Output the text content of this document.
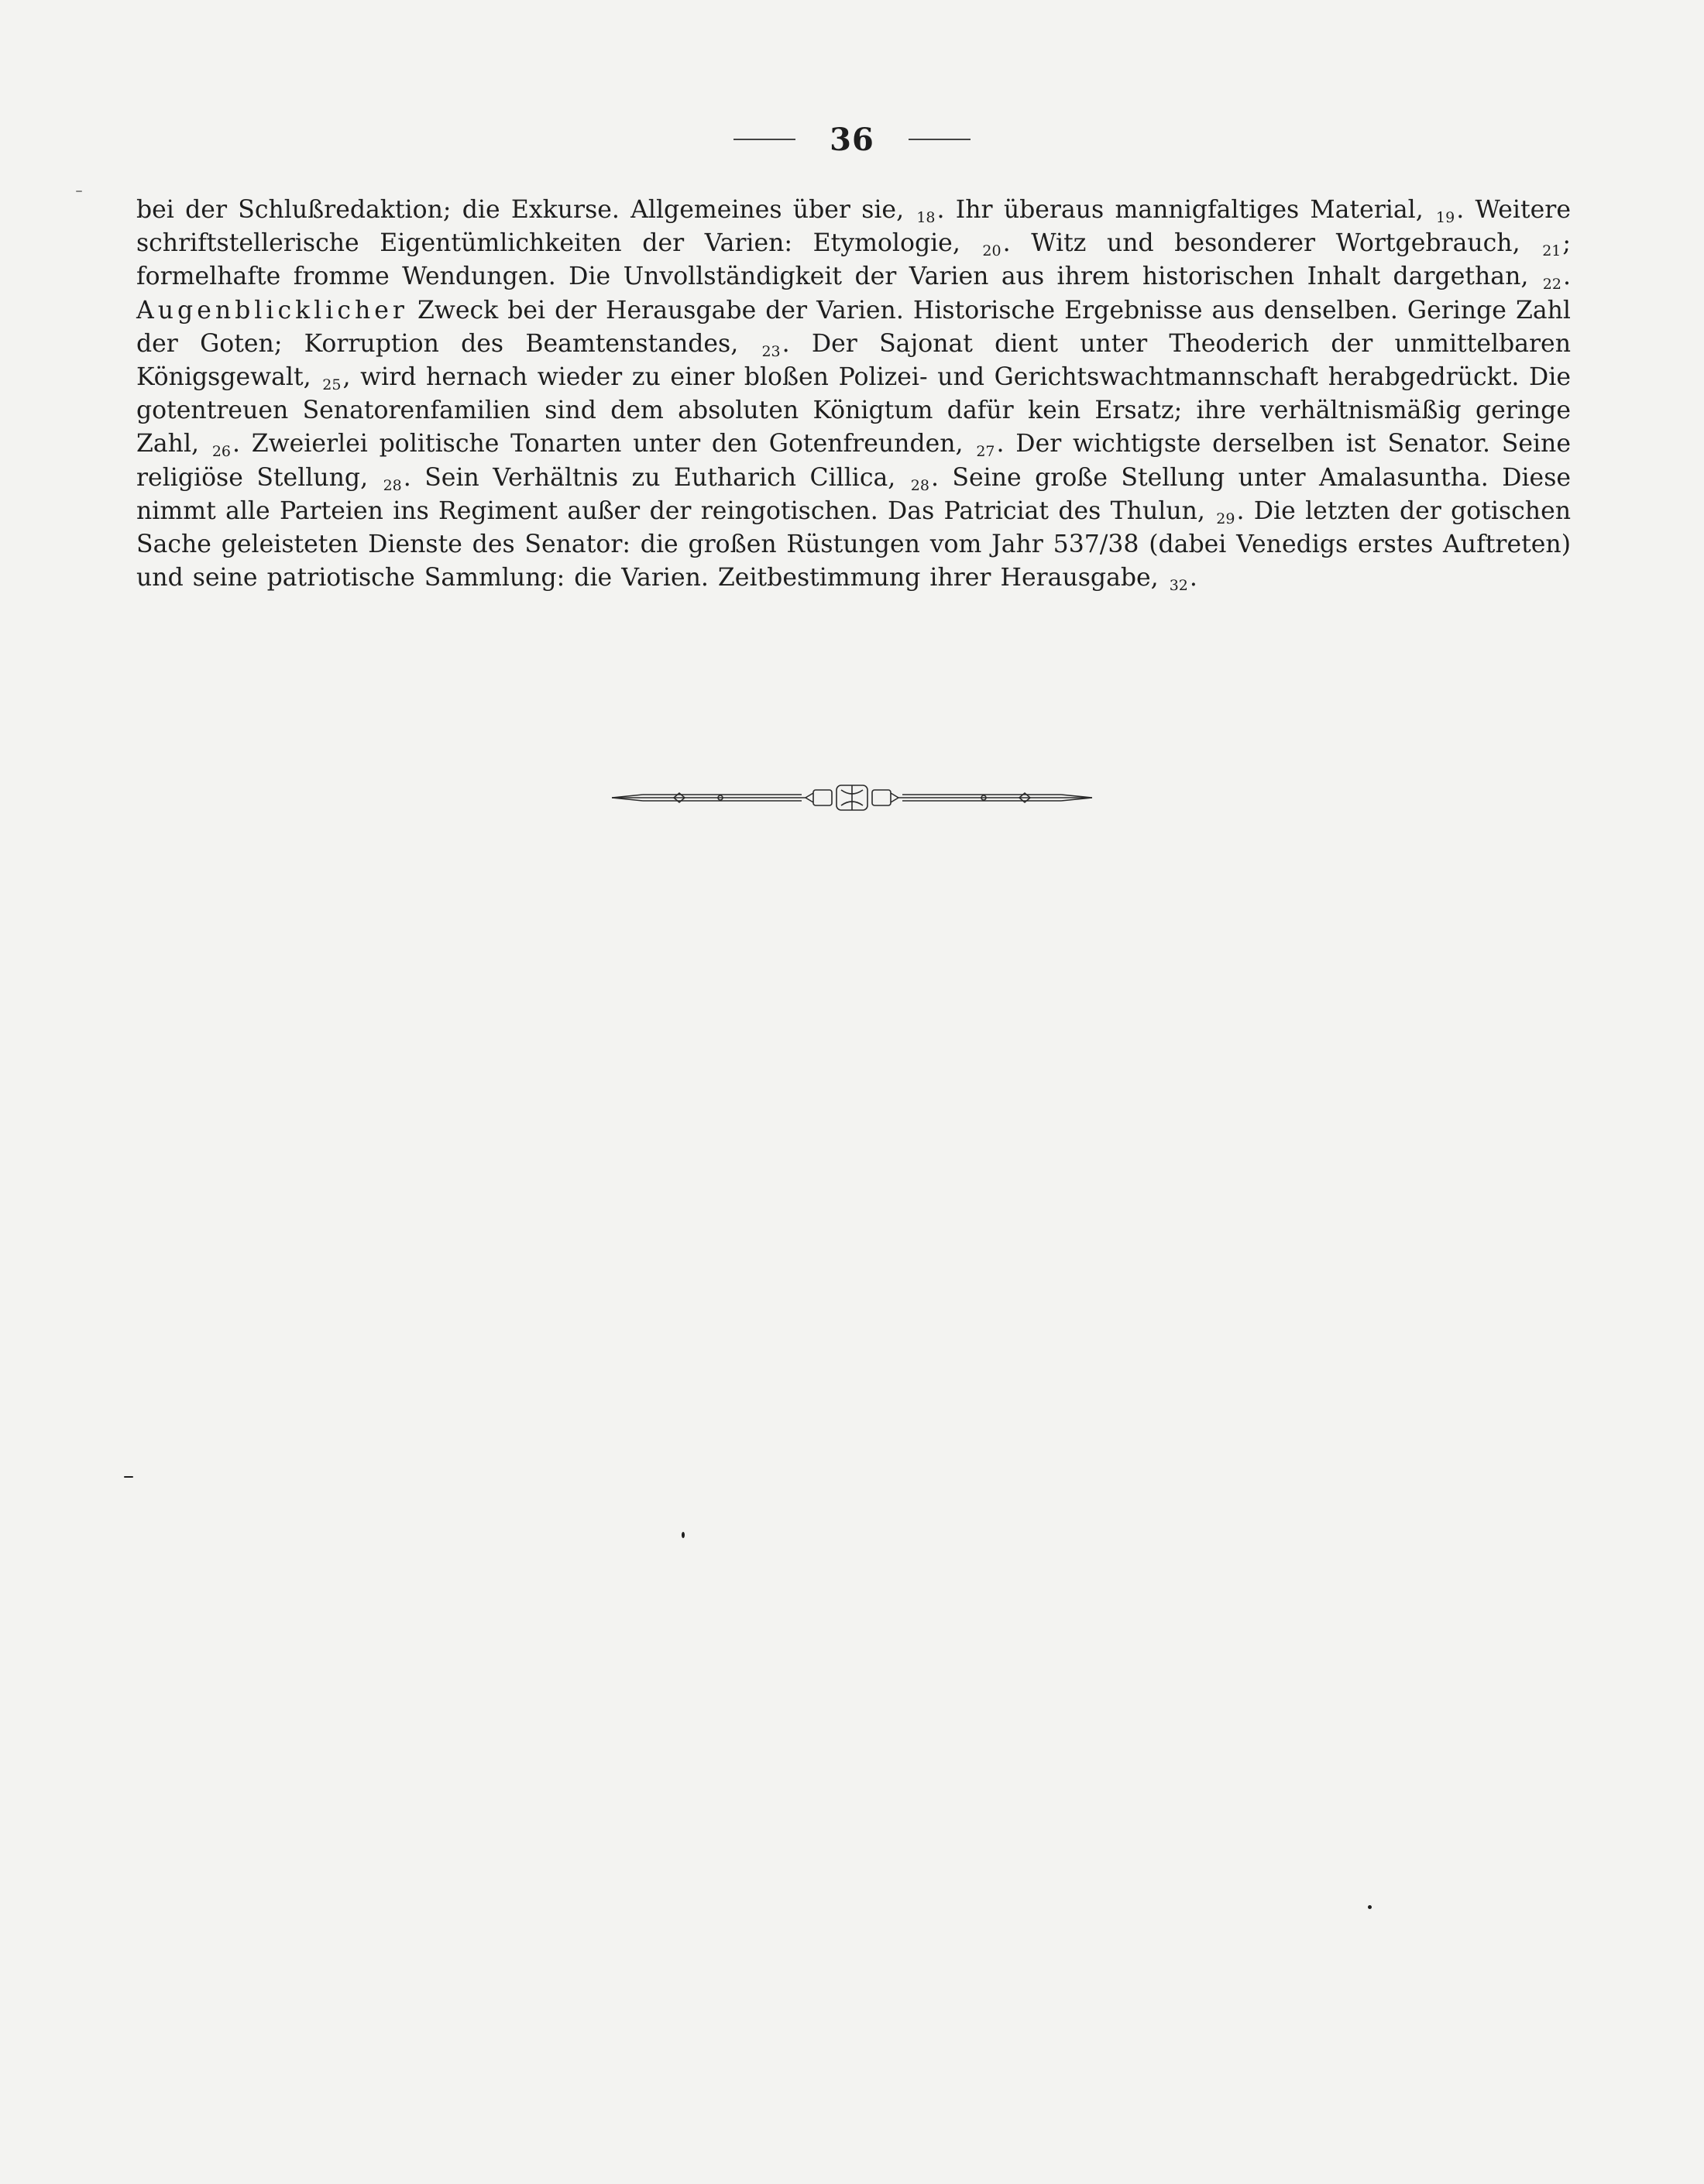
36
bei der Schlußredaktion; die Exkurse. Allgemeines über sie, 18. Ihr überaus mannigfaltiges Material, 19. Weitere schriftstellerische Eigentümlichkeiten der Varien: Etymologie, 20. Witz und besonderer Wortgebrauch, 21; formelhafte fromme Wendungen. Die Unvollständigkeit der Varien aus ihrem historischen Inhalt dargethan, 22. Augenblicklicher Zweck bei der Herausgabe der Varien. Historische Ergebnisse aus denselben. Geringe Zahl der Goten; Korruption des Beamtenstandes, 23. Der Sajonat dient unter Theoderich der unmittelbaren Königsgewalt, 25, wird hernach wieder zu einer bloßen Polizei- und Gerichtswachtmannschaft herabgedrückt. Die gotentreuen Senatorenfamilien sind dem absoluten Königtum dafür kein Ersatz; ihre verhältnismäßig geringe Zahl, 26. Zweierlei politische Tonarten unter den Gotenfreunden, 27. Der wichtigste derselben ist Senator. Seine religiöse Stellung, 28. Sein Verhältnis zu Eutharich Cillica, 28. Seine große Stellung unter Amalasuntha. Diese nimmt alle Parteien ins Regiment außer der reingotischen. Das Patriciat des Thulun, 29. Die letzten der gotischen Sache geleisteten Dienste des Senator: die großen Rüstungen vom Jahr 537/38 (dabei Venedigs erstes Auftreten) und seine patriotische Sammlung: die Varien. Zeitbestimmung ihrer Herausgabe, 32.
